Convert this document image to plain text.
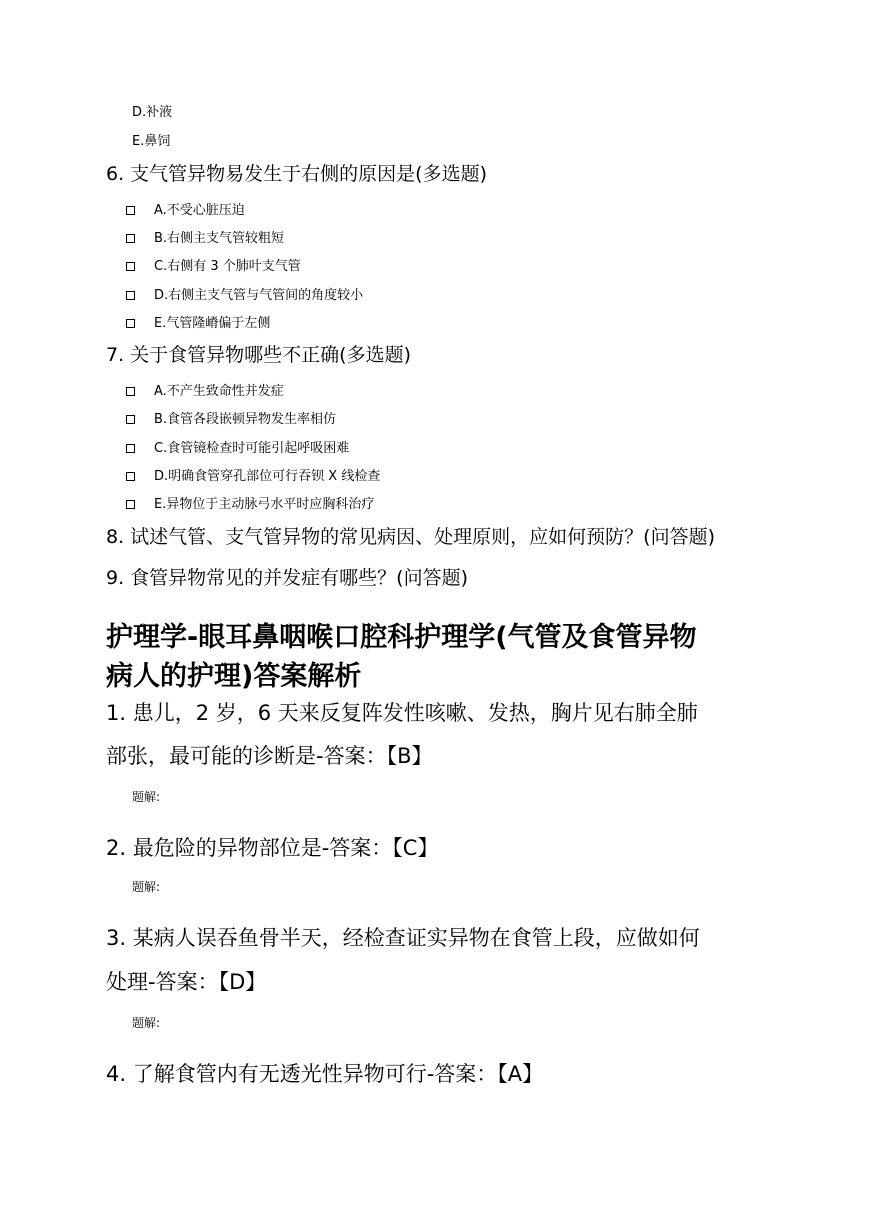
D.补液
E.鼻饲
6. 支气管异物易发生于右侧的原因是(多选题)
A.不受心脏压迫
B.右侧主支气管较粗短
C.右侧有 3 个肺叶支气管
D.右侧主支气管与气管间的角度较小
E.气管隆嵴偏于左侧
7. 关于食管异物哪些不正确(多选题)
A.不产生致命性并发症
B.食管各段嵌顿异物发生率相仿
C.食管镜检查时可能引起呼吸困难
D.明确食管穿孔部位可行吞钡 X 线检查
E.异物位于主动脉弓水平时应胸科治疗
8. 试述气管、支气管异物的常见病因、处理原则，应如何预防？(问答题)
9. 食管异物常见的并发症有哪些？(问答题)
护理学-眼耳鼻咽喉口腔科护理学(气管及食管异物
病人的护理)答案解析
1. 患儿，2 岁，6 天来反复阵发性咳嗽、发热，胸片见右肺全肺
部张，最可能的诊断是-答案：【B】
题解:
2. 最危险的异物部位是-答案：【C】
题解:
3. 某病人误吞鱼骨半天，经检查证实异物在食管上段，应做如何
处理-答案：【D】
题解:
4. 了解食管内有无透光性异物可行-答案：【A】
